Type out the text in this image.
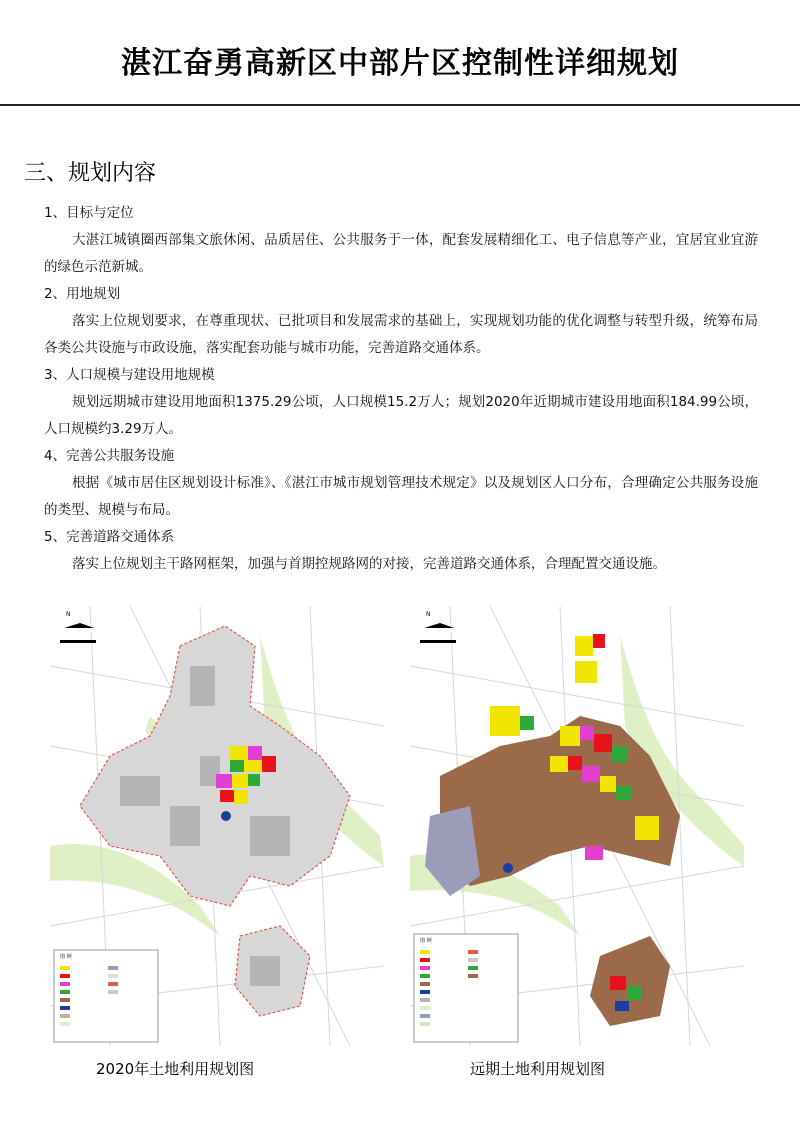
湛江奋勇高新区中部片区控制性详细规划
三、规划内容

1、目标与定位

大湛江城镇圈西部集文旅休闲、品质居住、公共服务于一体，配套发展精细化工、电子信息等产业，宜居宜业宜游的绿色示范新城。

2、用地规划

落实上位规划要求，在尊重现状、已批项目和发展需求的基础上，实现规划功能的优化调整与转型升级，统筹布局各类公共设施与市政设施，落实配套功能与城市功能，完善道路交通体系。

3、人口规模与建设用地规模

规划远期城市建设用地面积1375.29公顷，人口规模15.2万人；规划2020年近期城市建设用地面积184.99公顷，人口规模约3.29万人。

4、完善公共服务设施

根据《城市居住区规划设计标准》、《湛江市城市规划管理技术规定》以及规划区人口分布，合理确定公共服务设施的类型、规模与布局。

5、完善道路交通体系

落实上位规划主干路网框架，加强与首期控规路网的对接，完善道路交通体系，合理配置交通设施。

N
图 例
2020年土地利用规划图
N
图 例
远期土地利用规划图
